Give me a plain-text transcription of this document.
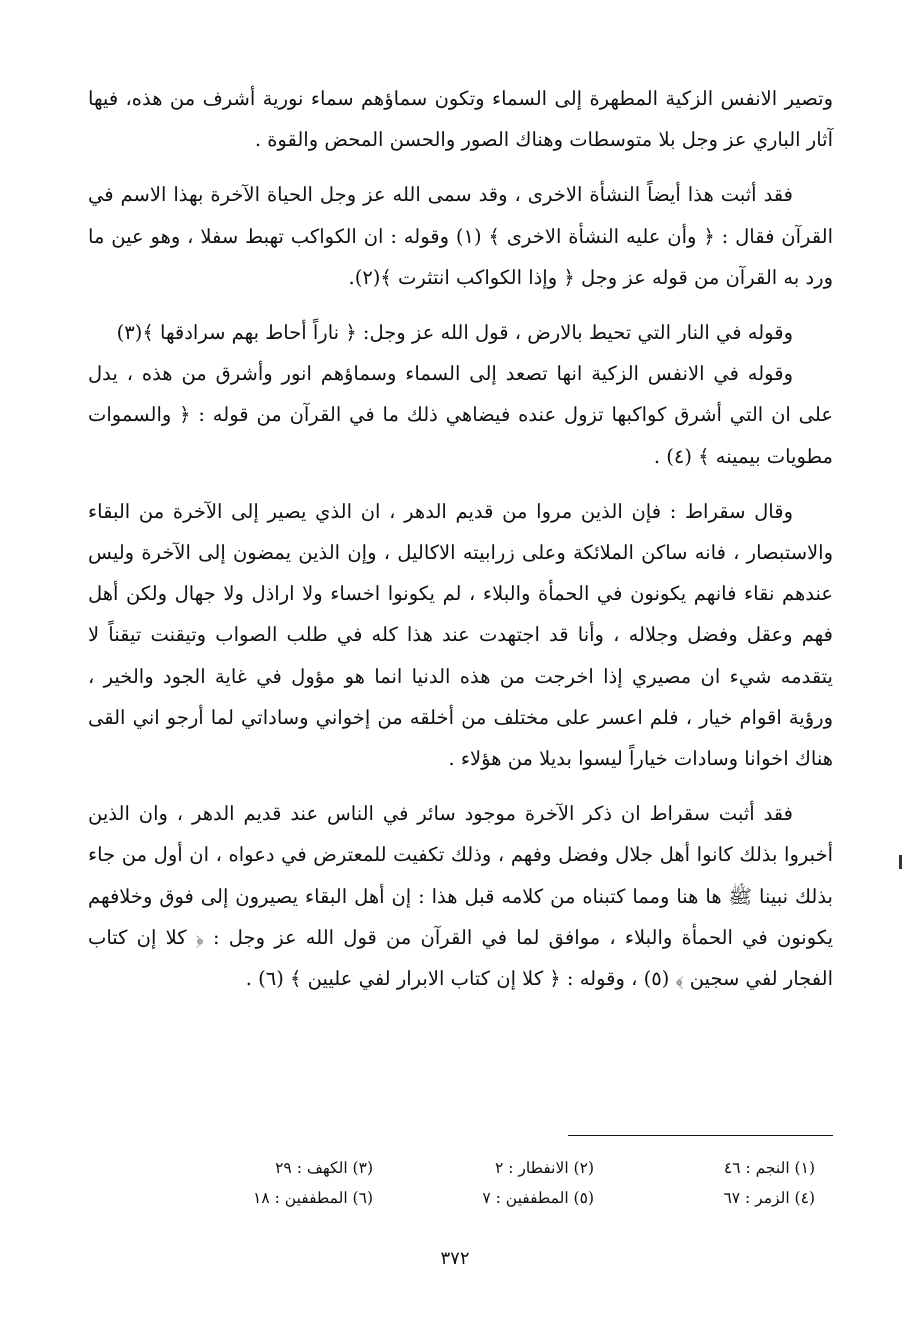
وتصير الانفس الزكية المطهرة إلى السماء وتكون سماؤهم سماء نورية أشرف من هذه، فيها آثار الباري عز وجل بلا متوسطات وهناك الصور والحسن المحض والقوة .

فقد أثبت هذا أيضاً النشأة الاخرى ، وقد سمى الله عز وجل الحياة الآخرة بهذا الاسم في القرآن فقال : ﴿ وأن عليه النشأة الاخرى ﴾ (١) وقوله : ان الكواكب تهبط سفلا ، وهو عين ما ورد به القرآن من قوله عز وجل ﴿ وإذا الكواكب انتثرت ﴾(٢).

وقوله في النار التي تحيط بالارض ، قول الله عز وجل: ﴿ ناراً أحاط بهم سرادقها ﴾(٣)

وقوله في الانفس الزكية انها تصعد إلى السماء وسماؤهم انور وأشرق من هذه ، يدل على ان التي أشرق كواكبها تزول عنده فيضاهي ذلك ما في القرآن من قوله : ﴿ والسموات مطويات بيمينه ﴾ (٤) .

وقال سقراط : فإن الذين مروا من قديم الدهر ، ان الذي يصير إلى الآخرة من البقاء والاستبصار ، فانه ساكن الملائكة وعلى زرابيته الاكاليل ، وإن الذين يمضون إلى الآخرة وليس عندهم نقاء فانهم يكونون في الحمأة والبلاء ، لم يكونوا اخساء ولا اراذل ولا جهال ولكن أهل فهم وعقل وفضل وجلاله ، وأنا قد اجتهدت عند هذا كله في طلب الصواب وتيقنت تيقناً لا يتقدمه شيء ان مصيري إذا اخرجت من هذه الدنيا انما هو مؤول في غاية الجود والخير ، ورؤية اقوام خيار ، فلم اعسر على مختلف من أخلقه من إخواني وساداتي لما أرجو اني القى هناك اخوانا وسادات خياراً ليسوا بديلا من هؤلاء .

فقد أثبت سقراط ان ذكر الآخرة موجود سائر في الناس عند قديم الدهر ، وان الذين أخبروا بذلك كانوا أهل جلال وفضل وفهم ، وذلك تكفيت للمعترض في دعواه ، ان أول من جاء بذلك نبينا ﷺ ها هنا ومما كتبناه من كلامه قبل هذا : إن أهل البقاء يصيرون إلى فوق وخلافهم يكونون في الحمأة والبلاء ، موافق لما في القرآن من قول الله عز وجل : ﴿ كلا إن كتاب الفجار لفي سجين ﴾ (٥) ، وقوله : ﴿ كلا إن كتاب الابرار لفي عليين ﴾ (٦) .

(١) النجم : ٤٦
(٢) الانفطار : ٢
(٣) الكهف : ٢٩
(٤) الزمر : ٦٧
(٥) المطففين : ٧
(٦) المطففين : ١٨
٣٧٢
